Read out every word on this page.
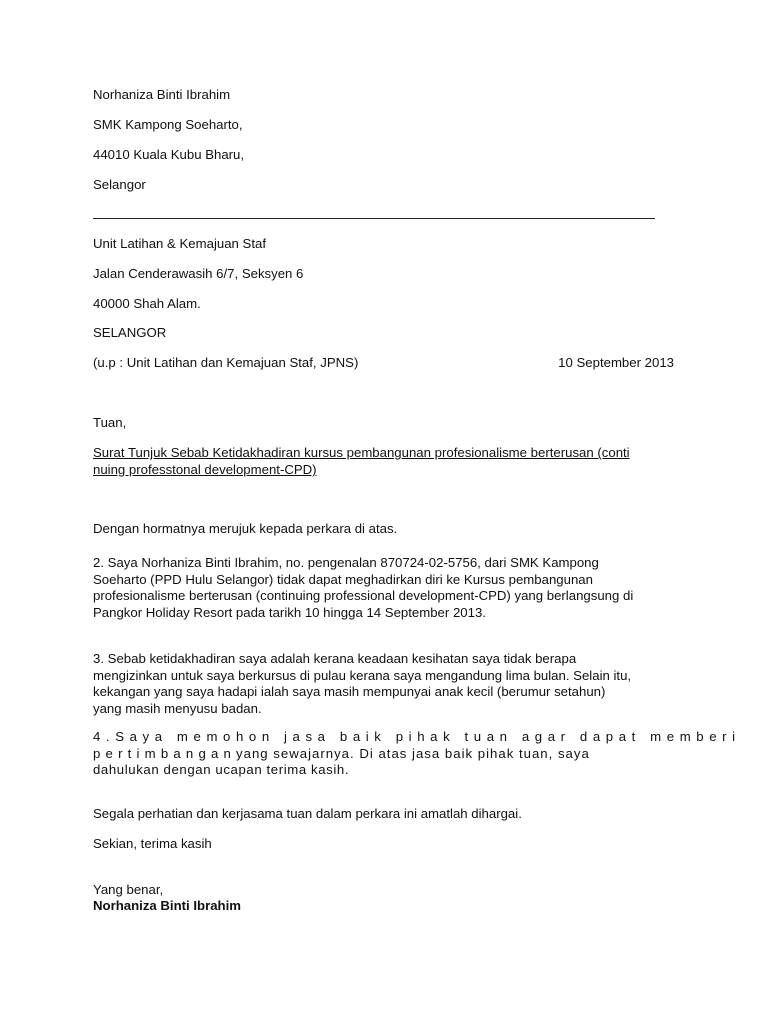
Norhaniza Binti Ibrahim
SMK Kampong Soeharto,
44010 Kuala Kubu Bharu,
Selangor
Unit Latihan & Kemajuan Staf
Jalan Cenderawasih 6/7, Seksyen 6
40000 Shah Alam.
SELANGOR
(u.p : Unit Latihan dan Kemajuan Staf, JPNS)	10 September 2013
Tuan,
Surat Tunjuk Sebab Ketidakhadiran kursus pembangunan profesionalisme berterusan (conti
nuing professtonal development-CPD)
Dengan hormatnya merujuk kepada perkara di atas.
2. Saya Norhaniza Binti Ibrahim, no. pengenalan 870724-02-5756, dari SMK Kampong
Soeharto (PPD Hulu Selangor) tidak dapat meghadirkan diri ke Kursus pembangunan
profesionalisme berterusan (continuing professional development-CPD) yang berlangsung di
Pangkor Holiday Resort pada tarikh 10 hingga 14 September 2013.
3. Sebab ketidakhadiran saya adalah kerana keadaan kesihatan saya tidak berapa
mengizinkan untuk saya berkursus di pulau kerana saya mengandung lima bulan. Selain itu,
kekangan yang saya hadapi ialah saya masih mempunyai anak kecil (berumur setahun)
yang masih menyusu badan.
4.Saya memohon jasa baik pihak tuan agar dapat memberi
pertimbanganyang sewajarnya. Di atas jasa baik pihak tuan, saya
dahulukan dengan ucapan terima kasih.
Segala perhatian dan kerjasama tuan dalam perkara ini amatlah dihargai.
Sekian, terima kasih
Yang benar,
Norhaniza Binti Ibrahim
